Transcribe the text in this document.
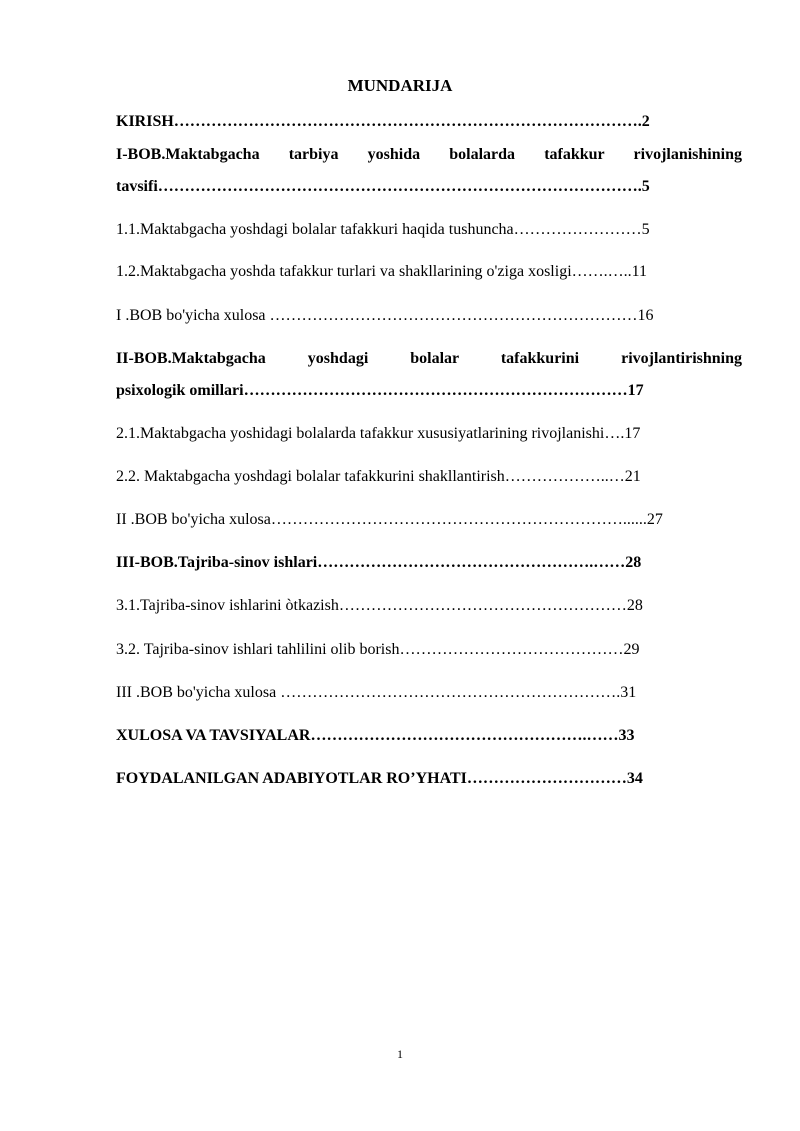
MUNDARIJA
KIRISH…………………………………………………………………………….2
I-BOB.Maktabgacha tarbiya yoshida bolalarda tafakkur rivojlanishining
tavsifi……………………………………………………………………………….5
1.1.Maktabgacha yoshdagi bolalar tafakkuri haqida tushuncha……………………5
1.2.Maktabgacha yoshda tafakkur turlari va shakllarining o'ziga xosligi…….…..11
I .BOB bo'yicha xulosa ……………………………………………………………16
II-BOB.Maktabgacha yoshdagi bolalar tafakkurini rivojlantirishning
psixologik omillari………………………………………………………………17
2.1.Maktabgacha yoshidagi bolalarda tafakkur xususiyatlarining rivojlanishi….17
2.2. Maktabgacha yoshdagi bolalar tafakkurini shakllantirish………………..…21
II .BOB bo'yicha xulosa…………………………………………………………......27
III-BOB.Tajriba-sinov ishlari…………………………………………….……28
3.1.Tajriba-sinov ishlarini òtkazish………………………………………………28
3.2. Tajriba-sinov ishlari tahlilini olib borish……………………………………29
III .BOB bo'yicha xulosa ……………………………………………………….31
XULOSA VA TAVSIYALAR…………………………………………….……33
FOYDALANILGAN ADABIYOTLAR RO’YHATI…………………………34
1
